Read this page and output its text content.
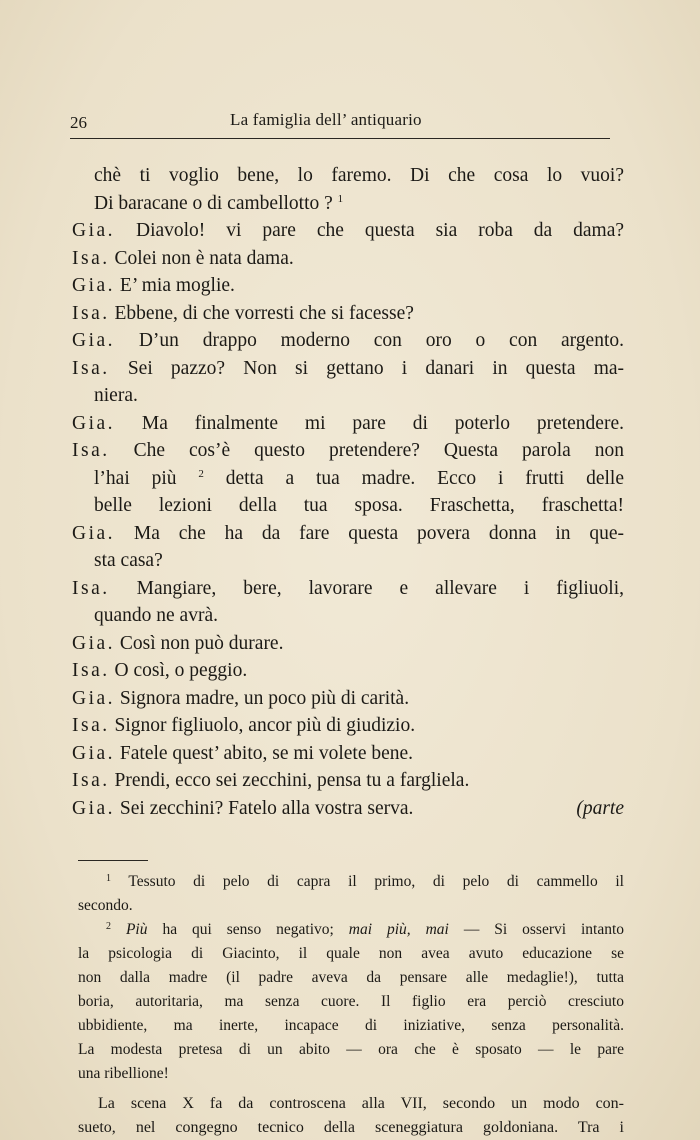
26	La famiglia dell’ antiquario
chè ti voglio bene, lo faremo. Di che cosa lo vuoi?
Di baracane o di cambellotto ? $^1$
Gia. Diavolo! vi pare che questa sia roba da dama?
Isa. Colei non è nata dama.
Gia. E’ mia moglie.
Isa. Ebbene, di che vorresti che si facesse?
Gia. D’un drappo moderno con oro o con argento.
Isa. Sei pazzo? Non si gettano i danari in questa ma-
niera.
Gia. Ma finalmente mi pare di poterlo pretendere.
Isa. Che cos’è questo pretendere? Questa parola non
l’hai più $^2$ detta a tua madre. Ecco i frutti delle
belle lezioni della tua sposa. Fraschetta, fraschetta!
Gia. Ma che ha da fare questa povera donna in que-
sta casa?
Isa. Mangiare, bere, lavorare e allevare i figliuoli,
quando ne avrà.
Gia. Così non può durare.
Isa. O così, o peggio.
Gia. Signora madre, un poco più di carità.
Isa. Signor figliuolo, ancor più di giudizio.
Gia. Fatele quest’ abito, se mi volete bene.
Isa. Prendi, ecco sei zecchini, pensa tu a fargliela.
Gia. Sei zecchini? Fatelo alla vostra serva.	(parte
$^1$ Tessuto di pelo di capra il primo, di pelo di cammello il
secondo.
$^2$ Più ha qui senso negativo; mai più, mai — Si osservi intanto
la psicologia di Giacinto, il quale non avea avuto educazione se
non dalla madre (il padre aveva da pensare alle medaglie!), tutta
boria, autoritaria, ma senza cuore. Il figlio era perciò cresciuto
ubbidiente, ma inerte, incapace di iniziative, senza personalità.
La modesta pretesa di un abito — ora che è sposato — le pare
una ribellione!
La scena X fa da controscena alla VII, secondo un modo con-
sueto, nel congegno tecnico della sceneggiatura goldoniana. Tra i
